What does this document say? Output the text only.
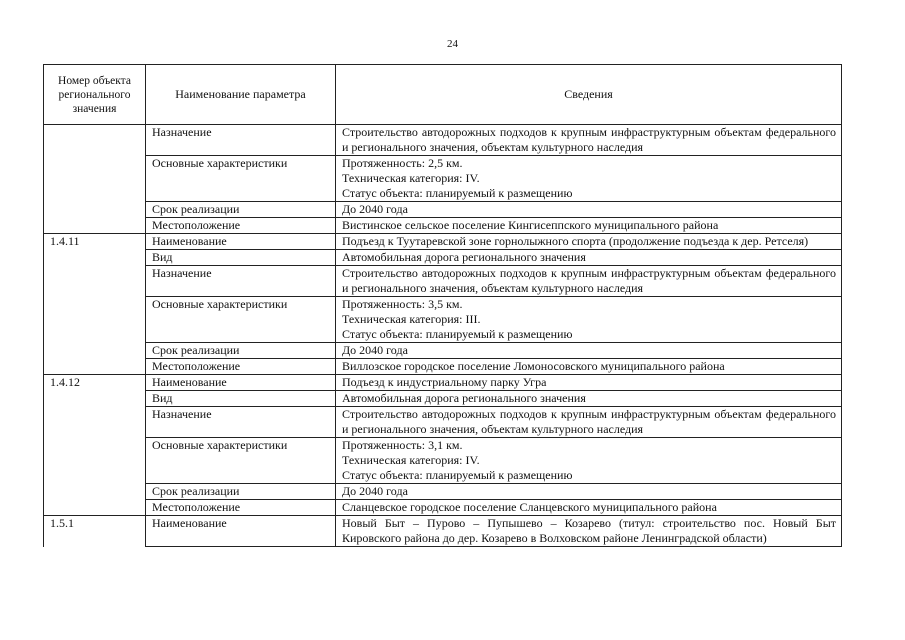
24
Номер объекта регионального значения	Наименование параметра	Сведения
	Назначение	Строительство автодорожных подходов к крупным инфраструктурным объектам федерального и регионального значения, объектам культурного наследия
	Основные характеристики	Протяженность: 2,5 км.
Техническая категория: IV.
Статус объекта: планируемый к размещению

	Срок реализации	До 2040 года
	Местоположение	Вистинское сельское поселение Кингисеппского муниципального района
1.4.11	Наименование	Подъезд к Туутаревской зоне горнолыжного спорта (продолжение подъезда к дер. Ретселя)
	Вид	Автомобильная дорога регионального значения
	Назначение	Строительство автодорожных подходов к крупным инфраструктурным объектам федерального и регионального значения, объектам культурного наследия
	Основные характеристики	Протяженность: 3,5 км.
Техническая категория: III.
Статус объекта: планируемый к размещению

	Срок реализации	До 2040 года
	Местоположение	Виллозское городское поселение Ломоносовского муниципального района
1.4.12	Наименование	Подъезд к индустриальному парку Угра
	Вид	Автомобильная дорога регионального значения
	Назначение	Строительство автодорожных подходов к крупным инфраструктурным объектам федерального и регионального значения, объектам культурного наследия
	Основные характеристики	Протяженность: 3,1 км.
Техническая категория: IV.
Статус объекта: планируемый к размещению

	Срок реализации	До 2040 года
	Местоположение	Сланцевское городское поселение Сланцевского муниципального района
1.5.1	Наименование	Новый Быт – Пурово – Пупышево – Козарево (титул: строительство пос. Новый Быт Кировского района до дер. Козарево в Волховском районе Ленинградской области)
